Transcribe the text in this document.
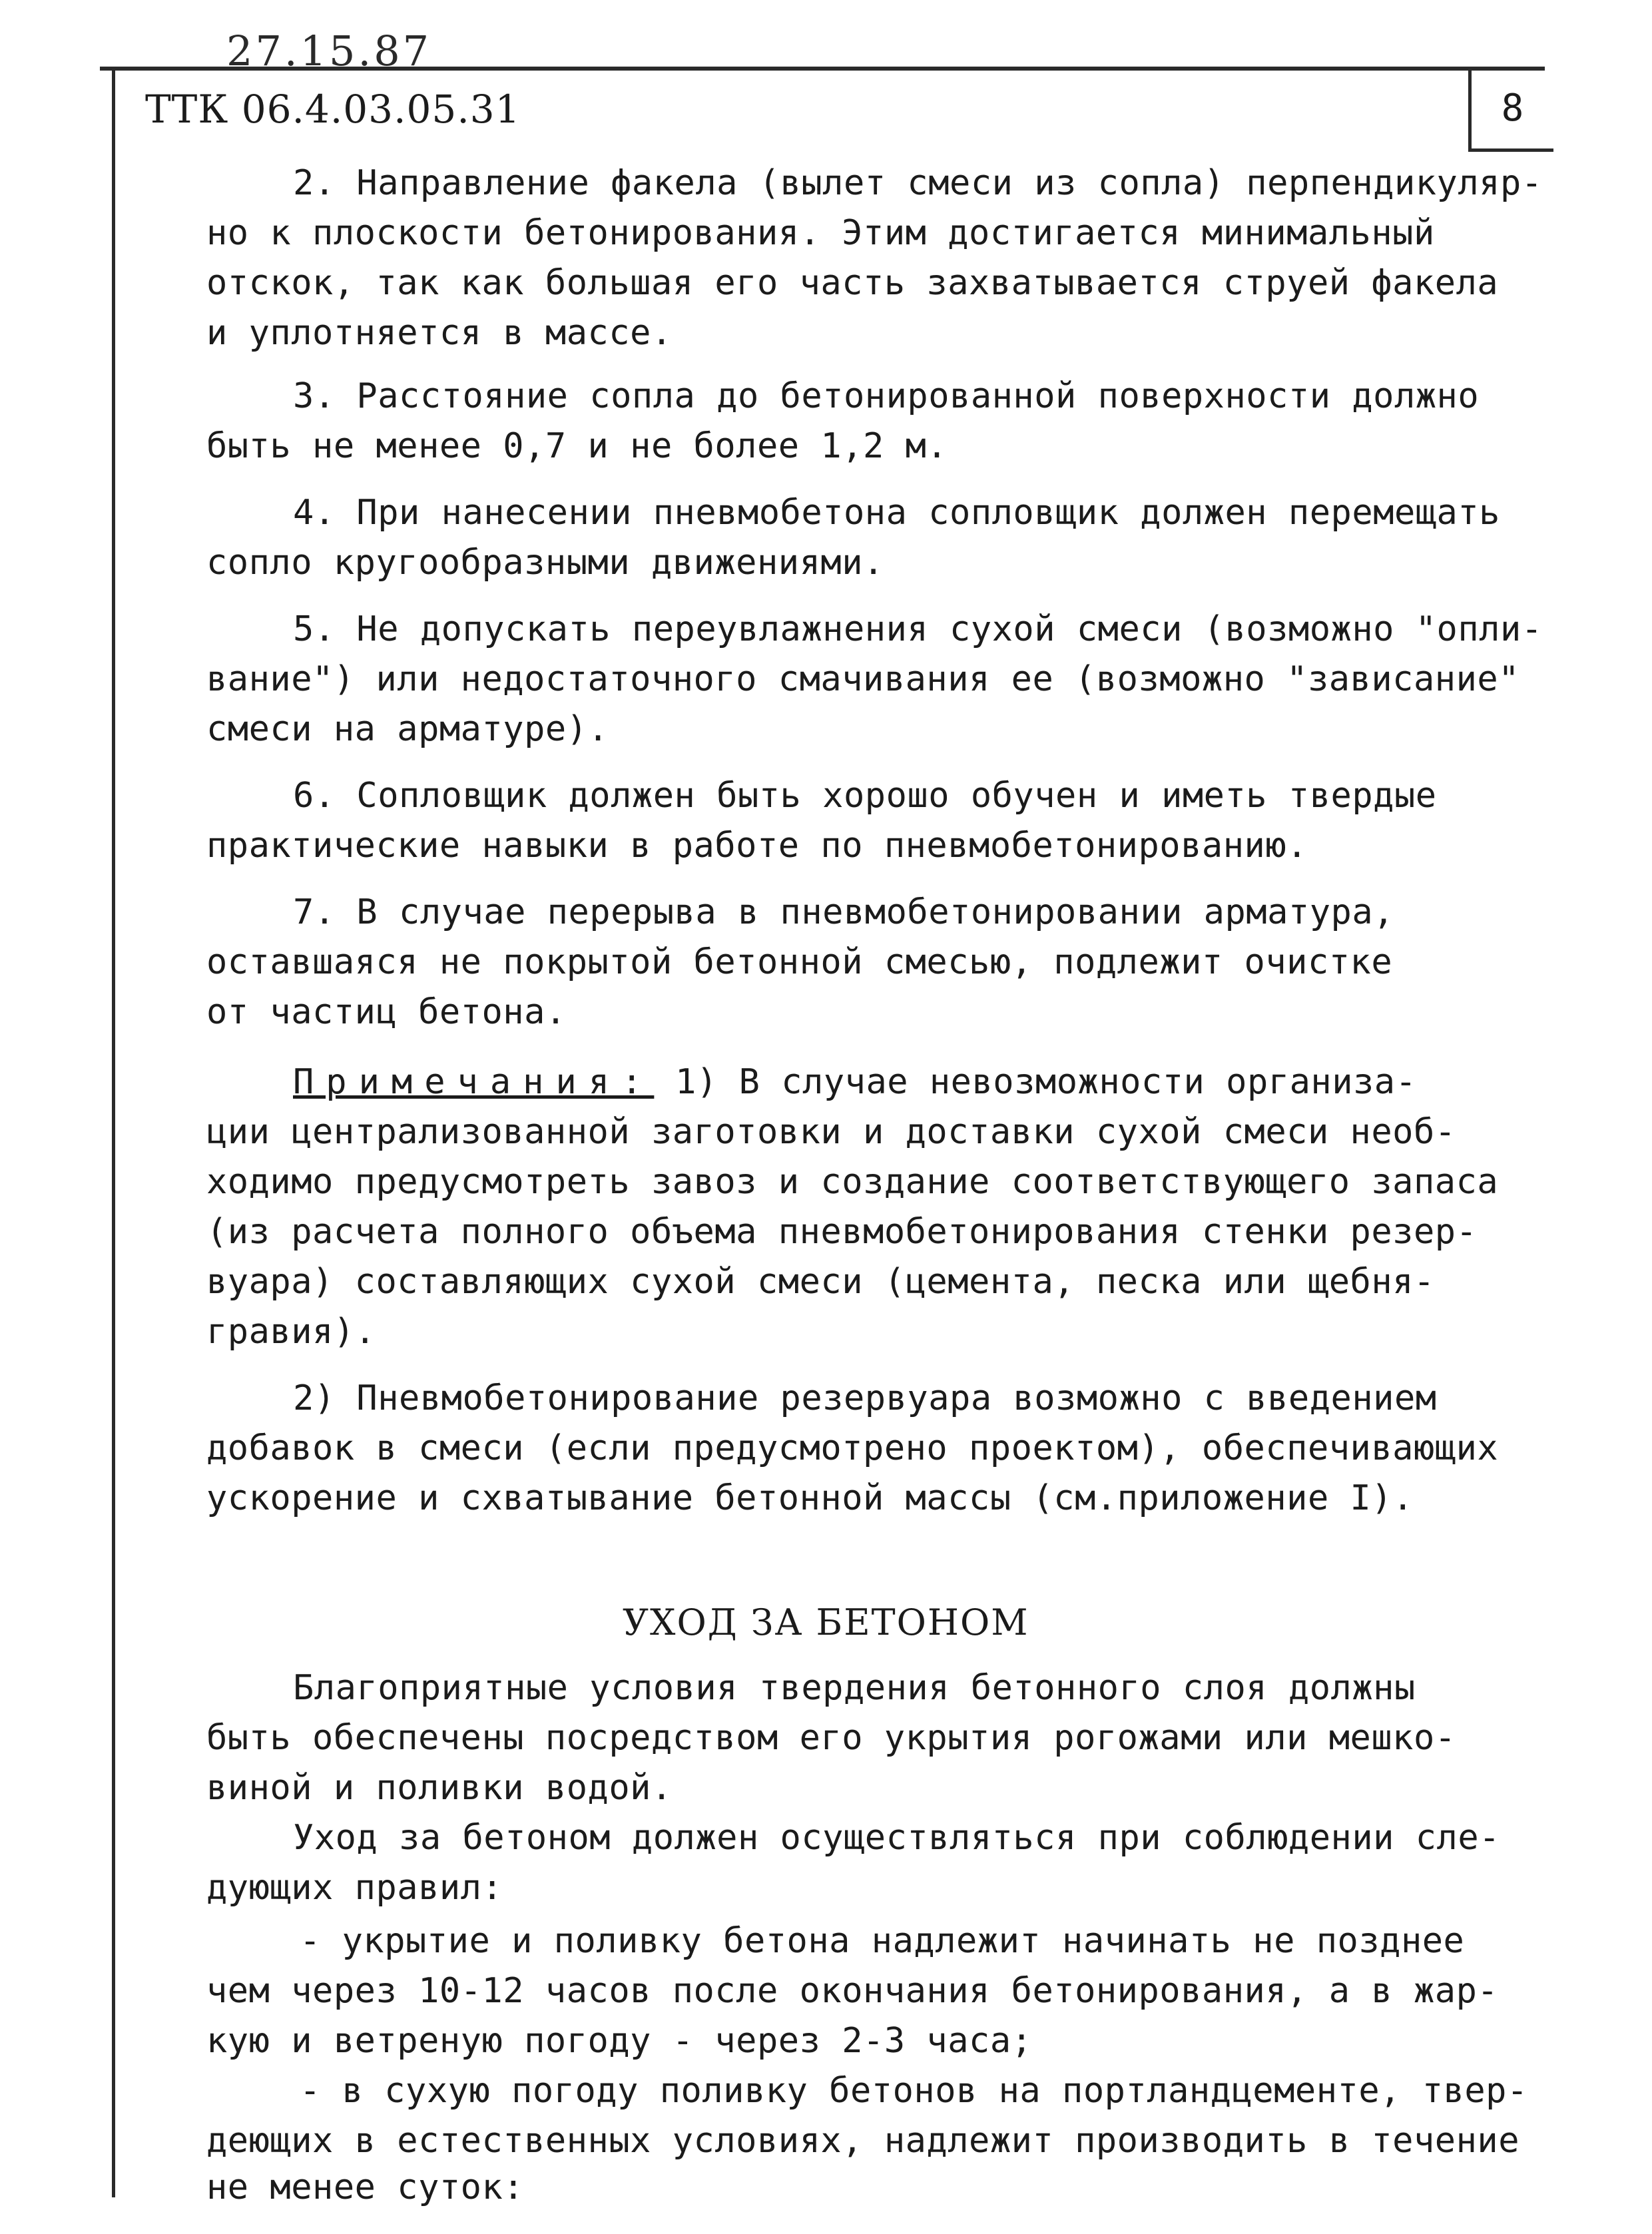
27.15.87
ТТК 06.4.03.05.31	8
2. Направление факела (вылет смеси из сопла) перпендикуляр-
но к плоскости бетонирования. Этим достигается минимальный
отскок, так как большая его часть захватывается струей факела
и уплотняется в массе.
3. Расстояние сопла до бетонированной поверхности должно
быть не менее 0,7 и не более 1,2 м.
4. При нанесении пневмобетона сопловщик должен перемещать
сопло кругообразными движениями.
5. Не допускать переувлажнения сухой смеси (возможно "опли-
вание") или недостаточного смачивания ее (возможно "зависание"
смеси на арматуре).
6. Сопловщик должен быть хорошо обучен и иметь твердые
практические навыки в работе по пневмобетонированию.
7. В случае перерыва в пневмобетонировании арматура,
оставшаяся не покрытой бетонной смесью, подлежит очистке
от частиц бетона.
Примечания: 1) В случае невозможности организа-
ции централизованной заготовки и доставки сухой смеси необ-
ходимо предусмотреть завоз и создание соответствующего запаса
(из расчета полного объема пневмобетонирования стенки резер-
вуара) составляющих сухой смеси (цемента, песка или щебня-
гравия).
2) Пневмобетонирование резервуара возможно с введением
добавок в смеси (если предусмотрено проектом), обеспечивающих
ускорение и схватывание бетонной массы (см.приложение I).
УХОД ЗА БЕТОНОМ
Благоприятные условия твердения бетонного слоя должны
быть обеспечены посредством его укрытия рогожами или мешко-
виной и поливки водой.
Уход за бетоном должен осуществляться при соблюдении сле-
дующих правил:
- укрытие и поливку бетона надлежит начинать не позднее
чем через 10-12 часов после окончания бетонирования, а в жар-
кую и ветреную погоду - через 2-3 часа;
- в сухую погоду поливку бетонов на портландцементе, твер-
деющих в естественных условиях, надлежит производить в течение
не менее суток:
